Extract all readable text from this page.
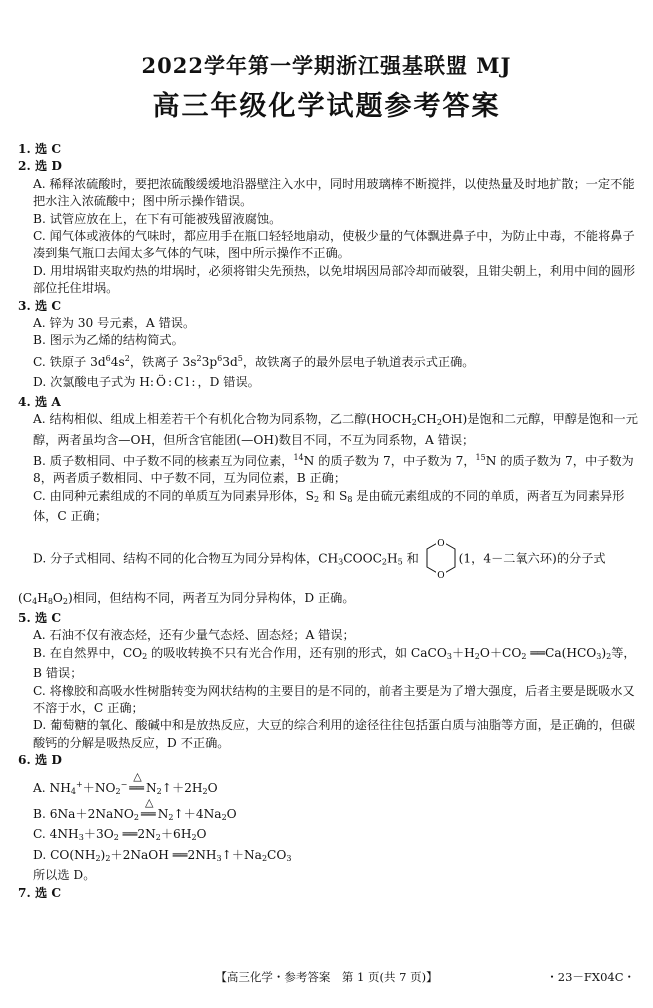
2022学年第一学期浙江强基联盟 MJ
高三年级化学试题参考答案

1. 选 C

2. 选 D

A. 稀释浓硫酸时，要把浓硫酸缓缓地沿器壁注入水中，同时用玻璃棒不断搅拌，以使热量及时地扩散；一定不能把水注入浓硫酸中；图中所示操作错误。

B. 试管应放在上，在下有可能被残留液腐蚀。

C. 闻气体或液体的气味时，都应用手在瓶口轻轻地扇动，使极少量的气体飘进鼻子中，为防止中毒，不能将鼻子凑到集气瓶口去闻太多气体的气味，图中所示操作不正确。

D. 用坩埚钳夹取灼热的坩埚时，必须将钳尖先预热，以免坩埚因局部冷却而破裂，且钳尖朝上，利用中间的圆形部位托住坩埚。

3. 选 C

A. 锌为 30 号元素，A 错误。

B. 图示为乙烯的结构简式。

C. 铁原子 $3d^64s^2$，铁离子 $3s^23p^63d^5$，故铁离子的最外层电子轨道表示式正确。

D. 次氯酸电子式为 H:Ö:Cl:，D 错误。

4. 选 A

A. 结构相似、组成上相差若干个有机化合物为同系物，乙二醇$(HOCH_2CH_2OH)$是饱和二元醇，甲醇是饱和一元醇，两者虽均含—OH，但所含官能团(—OH)数目不同，不互为同系物，A 错误；

B. 质子数相同、中子数不同的核素互为同位素，$^{14}$N 的质子数为 7，中子数为 7，$^{15}$N 的质子数为 7，中子数为 8，两者质子数相同、中子数不同，互为同位素，B 正确；

C. 由同种元素组成的不同的单质互为同素异形体，$S_2$ 和 $S_8$ 是由硫元素组成的不同的单质，两者互为同素异形体，C 正确；

D. 分子式相同、结构不同的化合物互为同分异构体，$CH_3COOC_2H_5$ 和
O
O
(1，4－二氧六环)的分子式

$(C_4H_8O_2)$相同，但结构不同，两者互为同分异构体，D 正确。

5. 选 C

A. 石油不仅有液态烃，还有少量气态烃、固态烃；A 错误；

B. 在自然界中，$CO_2$ 的吸收转换不只有光合作用，还有别的形式，如 $CaCO_3+H_2O+CO_2$ $══Ca(HCO_3)_2$等，B 错误；

C. 将橡胶和高吸水性树脂转变为网状结构的主要目的是不同的，前者主要是为了增大强度，后者主要是既吸水又不溶于水，C 正确；

D. 葡萄糖的氧化、酸碱中和是放热反应，大豆的综合利用的途径往往包括蛋白质与油脂等方面，是正确的，但碳酸钙的分解是吸热反应，D 不正确。

6. 选 D

A. $NH_4^++NO_2^-$
△
══ $N_2↑+2H_2O$

B. 6Na＋2NaNO$_2$
△
══ $N_2↑+4Na_2O$

C. $4NH_3+3O_2$ $══2N_2+6H_2O$

D. $CO(NH_2)_2+2NaOH$ $══2NH_3↑+Na_2CO_3$

所以选 D。

7. 选 C

【高三化学・参考答案　第 1 页(共 7 页)】	・23－FX04C・
